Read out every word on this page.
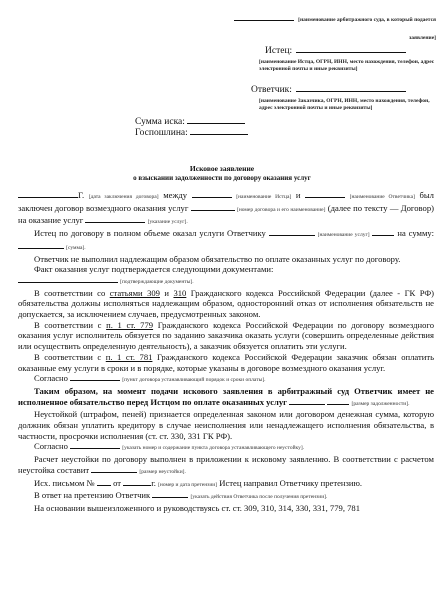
[наименование арбитражного суда, в который подается заявление]
Истец:
[наименование Истца, ОГРН, ИНН, место нахождения, телефон, адрес электронной почты и иные реквизиты]
Ответчик:
[наименование Заказчика, ОГРН, ИНН, место нахождения, телефон, адрес электронной почты и иные реквизиты]
Сумма иска:
Госпошлина:
Исковое заявление
о взыскании задолженности по договору оказания услуг

Г. [дата заключения договора] между	[наименование Истца] и	[наименование Ответчика] был заключен договор возмездного оказания услуг	[номер договора и его наименование] (далее по тексту — Договор) на оказание услуг	[указание услуг].

Истец по договору в полном объеме оказал услуги Ответчику	[наименование услуг]	на сумму:  [сумма].

Ответчик не выполнил надлежащим образом обязательство по оплате оказанных услуг по договору.

Факт оказания услуг подтверждается следующими документами:
[подтверждающие документы].

В соответствии со статьями 309 и 310 Гражданского кодекса Российской Федерации (далее - ГК РФ) обязательства должны исполняться надлежащим образом, односторонний отказ от исполнения обязательств не допускается, за исключением случаев, предусмотренных законом.

В соответствии с п. 1 ст. 779 Гражданского кодекса Российской Федерации по договору возмездного оказания услуг исполнитель обязуется по заданию заказчика оказать услуги (совершить определенные действия или осуществить определенную деятельность), а заказчик обязуется оплатить эти услуги.

В соответствии с п. 1 ст. 781 Гражданского кодекса Российской Федерации заказчик обязан оплатить оказанные ему услуги в сроки и в порядке, которые указаны в договоре возмездного оказания услуг.

Согласно	[пункт договора устанавливающий порядок и сроки оплаты].

Таким образом, на момент подачи искового заявления в арбитражный суд Ответчик имеет не исполненное обязательство перед Истцом по оплате оказанных услуг	[размер задолженности].

Неустойкой (штрафом, пеней) признается определенная законом или договором денежная сумма, которую должник обязан уплатить кредитору в случае неисполнения или ненадлежащего исполнения обязательства, в частности, просрочки исполнения (ст. ст. 330, 331 ГК РФ).

Согласно	[указать номер и содержание пункта договора устанавливающего неустойку].

Расчет неустойки по договору выполнен в приложении к исковому заявлению. В соответствии с расчетом неустойка составит	[размер неустойки].

Исх. письмом № от	г. [номер и дата претензии] Истец направил Ответчику претензию.

В ответ на претензию Ответчик	[указать действия Ответчика после получения претензии].

На основании вышеизложенного и руководствуясь ст. ст. 309, 310, 314, 330, 331, 779, 781
